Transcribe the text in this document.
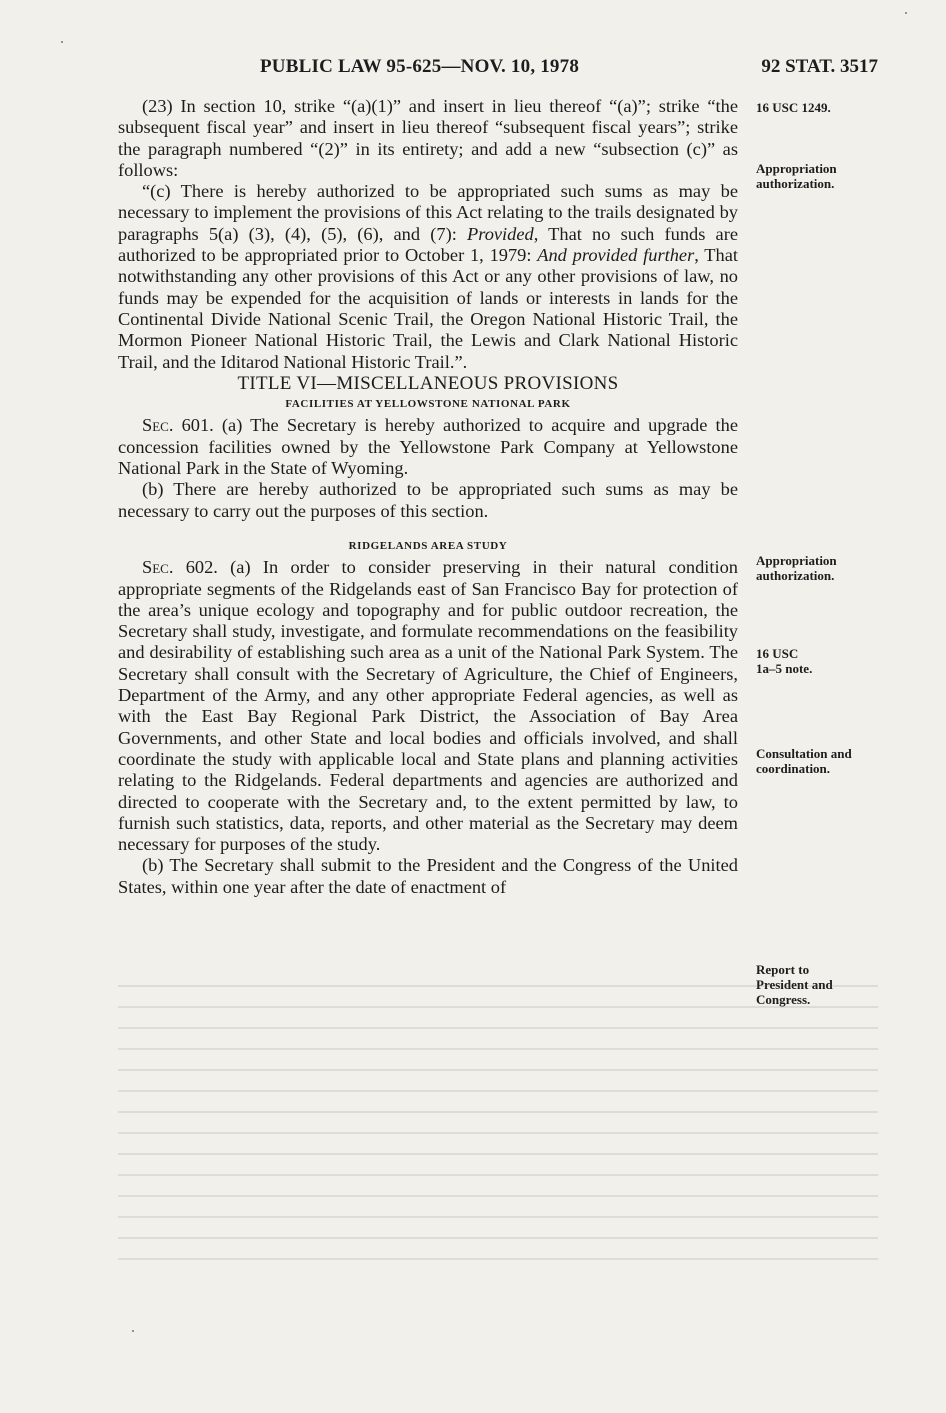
PUBLIC LAW 95-625—NOV. 10, 1978	92 STAT. 3517

(23) In section 10, strike “(a)(1)” and insert in lieu thereof “(a)”; strike “the subsequent fiscal year” and insert in lieu thereof “subsequent fiscal years”; strike the paragraph numbered “(2)” in its entirety; and add a new “subsection (c)” as follows:

“(c) There is hereby authorized to be appropriated such sums as may be necessary to implement the provisions of this Act relating to the trails designated by paragraphs 5(a) (3), (4), (5), (6), and (7): Provided, That no such funds are authorized to be appropriated prior to October 1, 1979: And provided further, That notwithstanding any other provisions of this Act or any other provisions of law, no funds may be expended for the acquisition of lands or interests in lands for the Continental Divide National Scenic Trail, the Oregon National Historic Trail, the Mormon Pioneer National Historic Trail, the Lewis and Clark National Historic Trail, and the Iditarod National Historic Trail.”.

TITLE VI—MISCELLANEOUS PROVISIONS

FACILITIES AT YELLOWSTONE NATIONAL PARK

Sec. 601. (a) The Secretary is hereby authorized to acquire and upgrade the concession facilities owned by the Yellowstone Park Company at Yellowstone National Park in the State of Wyoming.

(b) There are hereby authorized to be appropriated such sums as may be necessary to carry out the purposes of this section.

RIDGELANDS AREA STUDY

Sec. 602. (a) In order to consider preserving in their natural condition appropriate segments of the Ridgelands east of San Francisco Bay for protection of the area’s unique ecology and topography and for public outdoor recreation, the Secretary shall study, investigate, and formulate recommendations on the feasibility and desirability of establishing such area as a unit of the National Park System. The Secretary shall consult with the Secretary of Agriculture, the Chief of Engineers, Department of the Army, and any other appropriate Federal agencies, as well as with the East Bay Regional Park District, the Association of Bay Area Governments, and other State and local bodies and officials involved, and shall coordinate the study with applicable local and State plans and planning activities relating to the Ridgelands. Federal departments and agencies are authorized and directed to cooperate with the Secretary and, to the extent permitted by law, to furnish such statistics, data, reports, and other material as the Secretary may deem necessary for purposes of the study.

(b) The Secretary shall submit to the President and the Congress of the United States, within one year after the date of enactment of

16 USC 1249.
Appropriation authorization.
Appropriation authorization.
16 USC 1a–5 note.
Consultation and coordination.
Report to President and Congress.
